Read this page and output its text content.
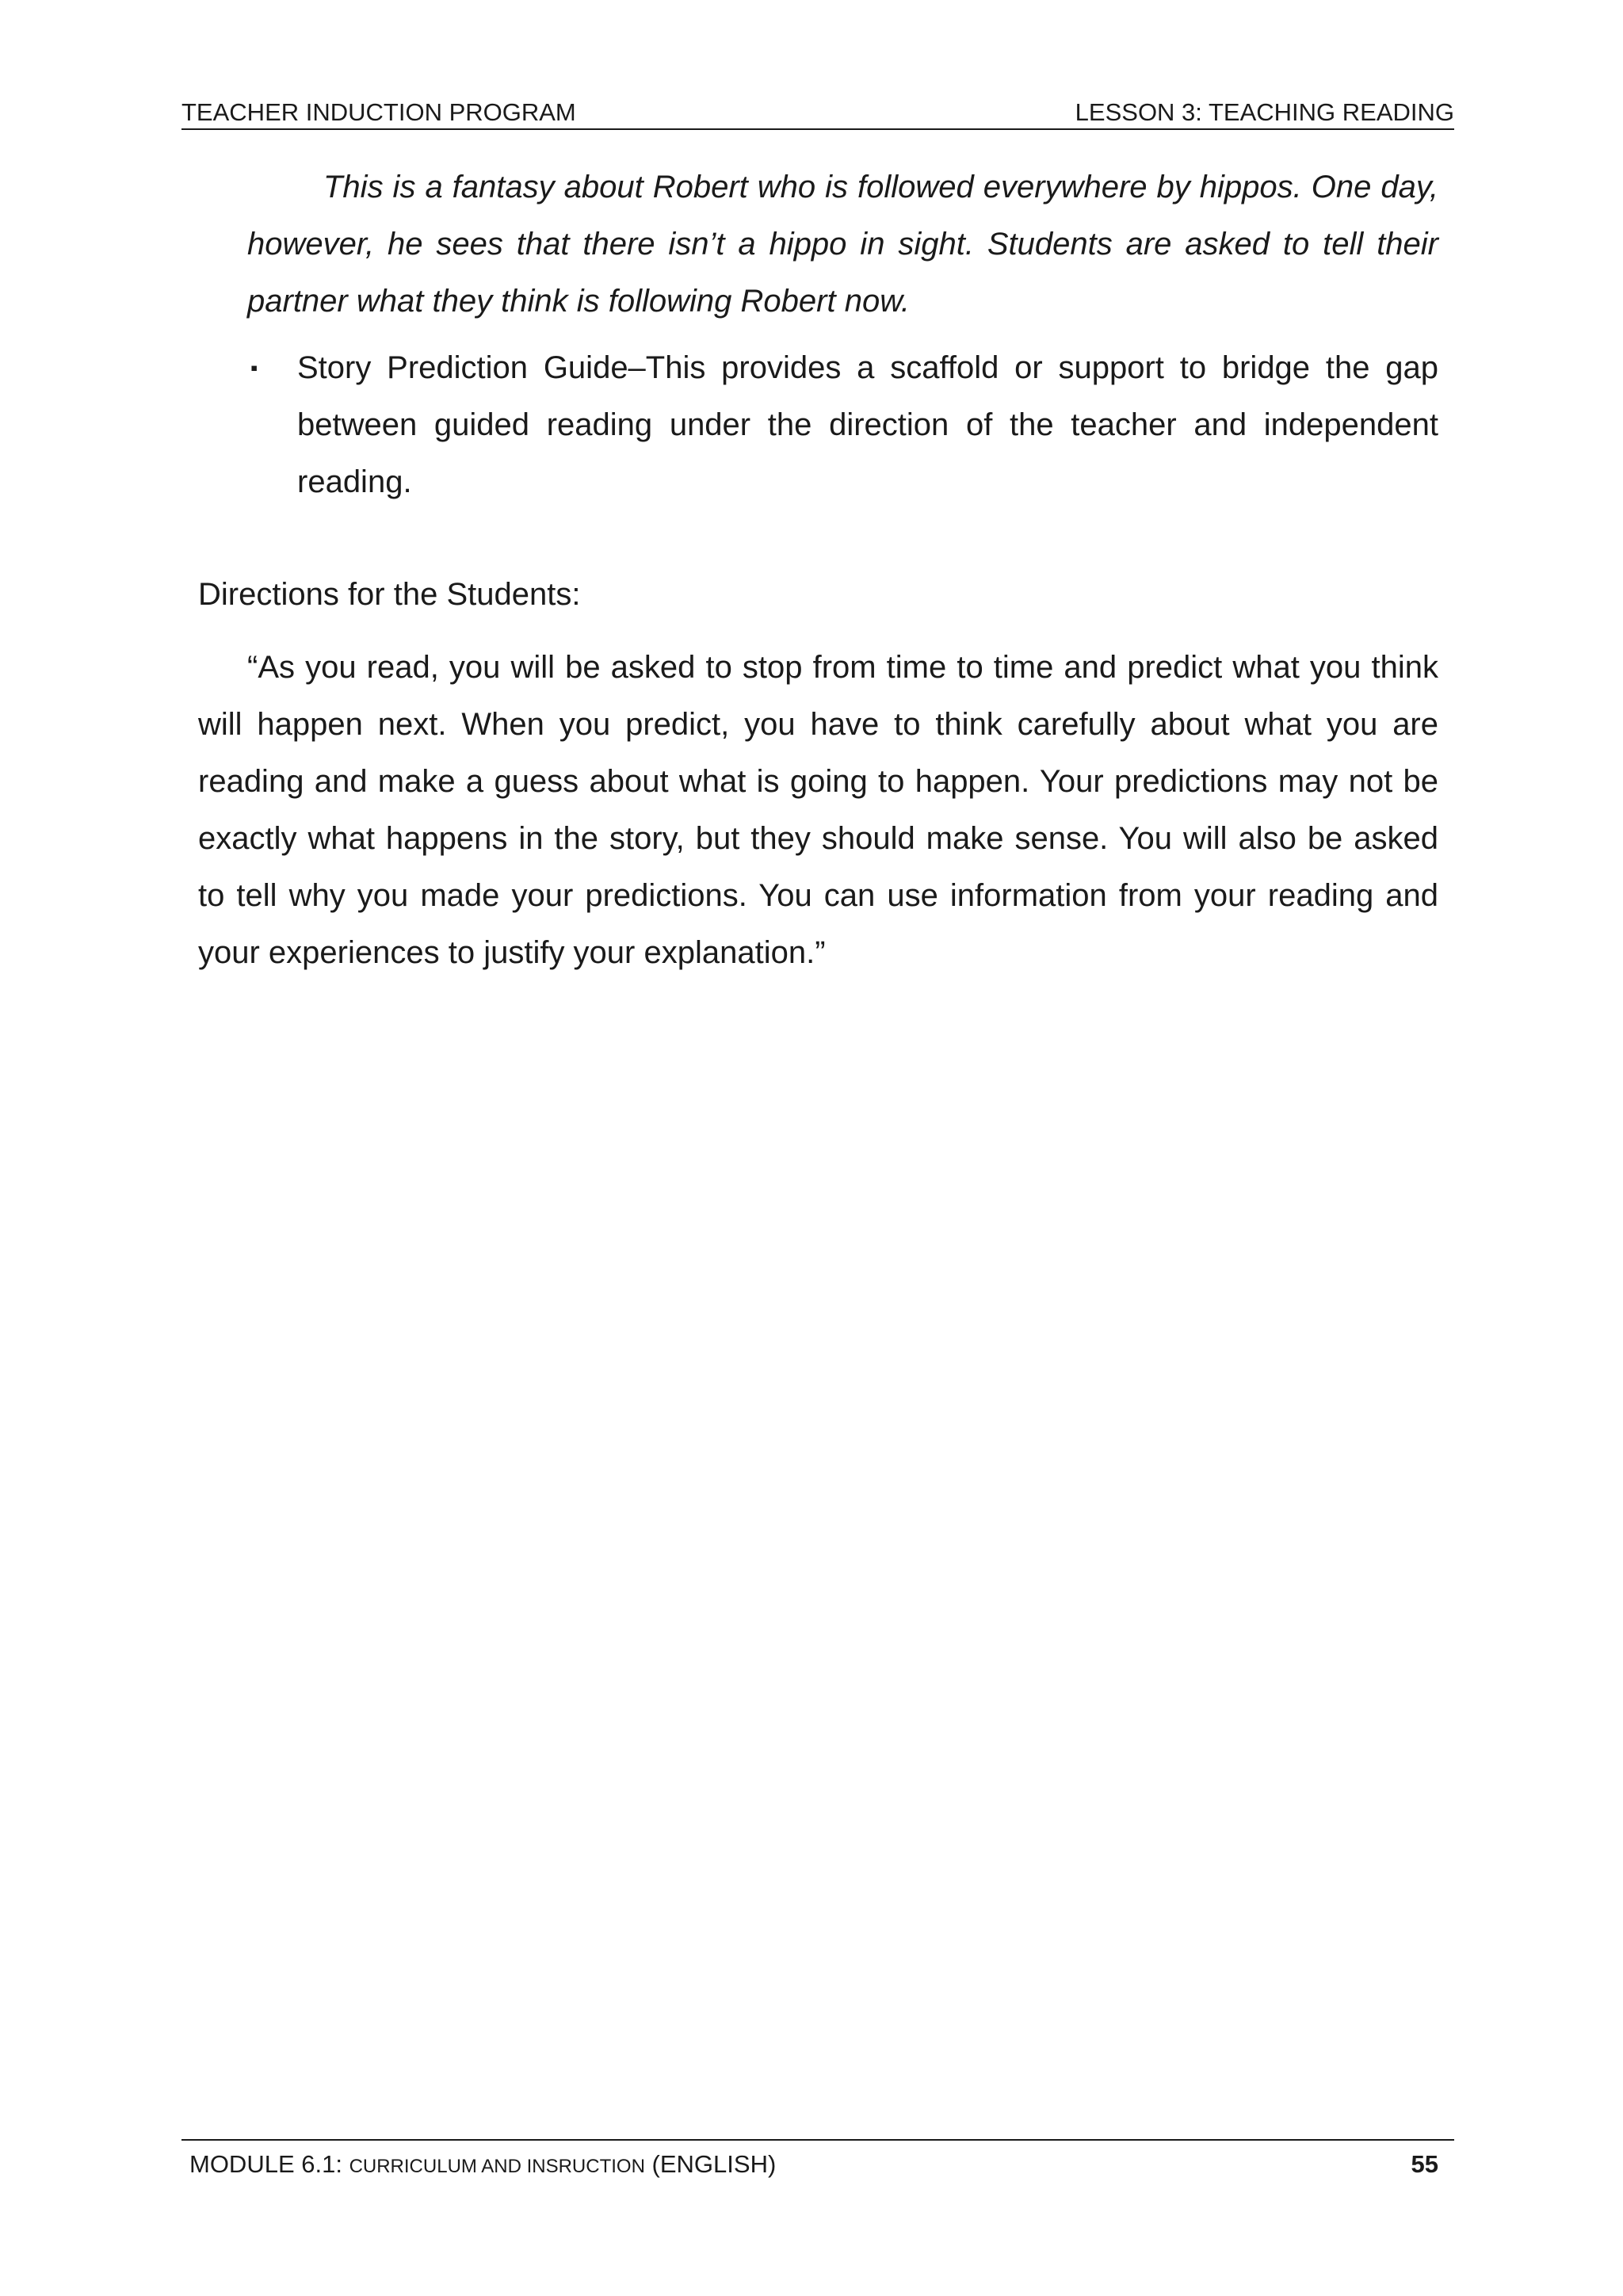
TEACHER INDUCTION PROGRAM	LESSON 3: TEACHING READING

This is a fantasy about Robert who is followed everywhere by hippos. One day, however, he sees that there isn’t a hippo in sight. Students are asked to tell their partner what they think is following Robert now.

▪ Story Prediction Guide–This provides a scaffold or support to bridge the gap between guided reading under the direction of the teacher and independent reading.

Directions for the Students:

“As you read, you will be asked to stop from time to time and predict what you think will happen next. When you predict, you have to think carefully about what you are reading and make a guess about what is going to happen. Your predictions may not be exactly what happens in the story, but they should make sense. You will also be asked to tell why you made your predictions. You can use information from your reading and your experiences to justify your explanation.”

MODULE 6.1: CURRICULUM AND INSRUCTION (ENGLISH)	55
